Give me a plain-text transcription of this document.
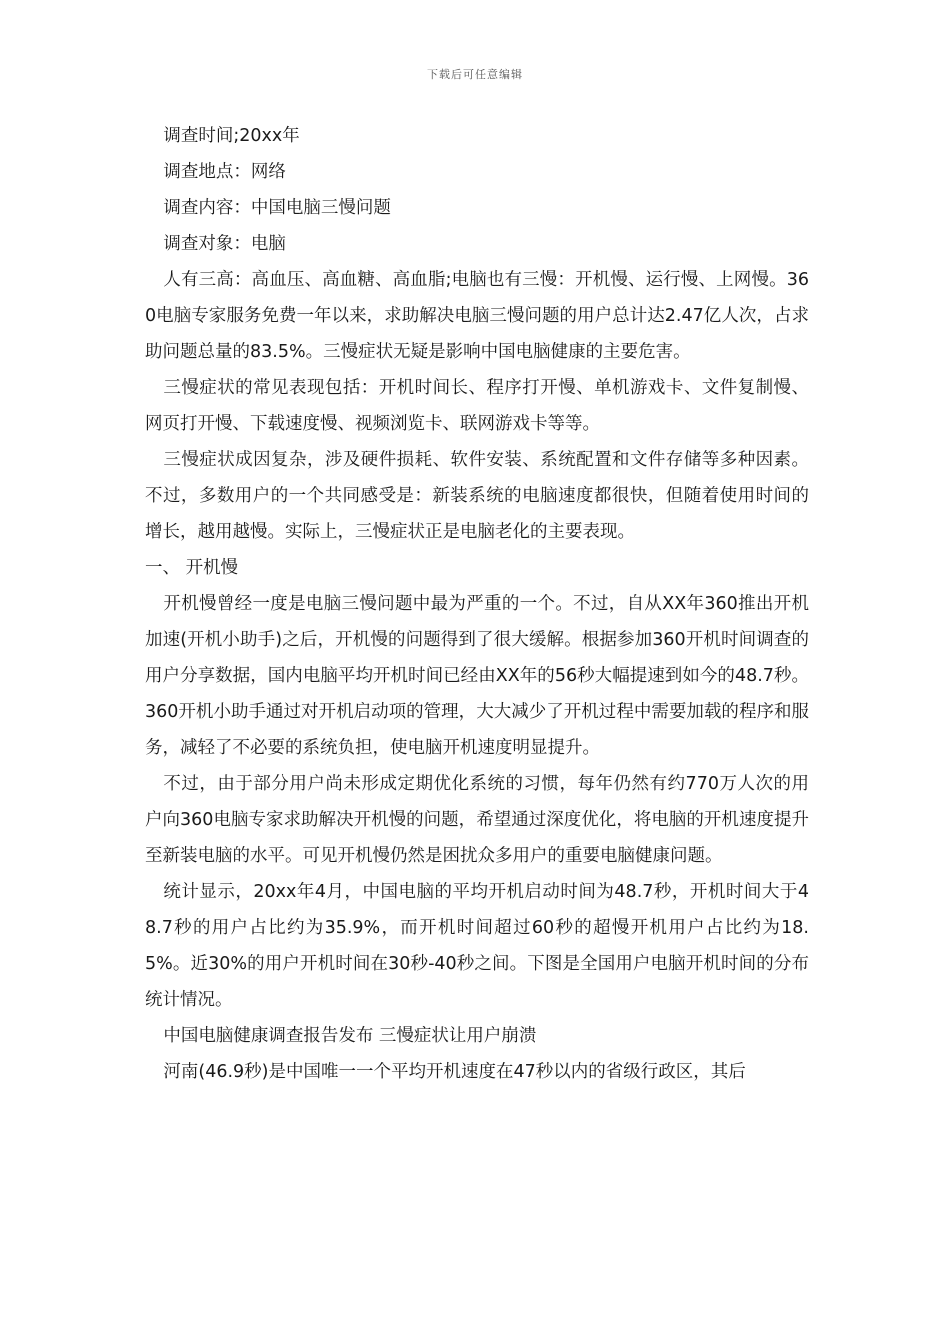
下载后可任意编辑

调查时间;20xx年

调查地点：网络

调查内容：中国电脑三慢问题

调查对象：电脑

人有三高：高血压、高血糖、高血脂;电脑也有三慢：开机慢、运行慢、上网慢。360电脑专家服务免费一年以来，求助解决电脑三慢问题的用户总计达2.47亿人次，占求助问题总量的83.5%。三慢症状无疑是影响中国电脑健康的主要危害。

三慢症状的常见表现包括：开机时间长、程序打开慢、单机游戏卡、文件复制慢、网页打开慢、下载速度慢、视频浏览卡、联网游戏卡等等。

三慢症状成因复杂，涉及硬件损耗、软件安装、系统配置和文件存储等多种因素。不过，多数用户的一个共同感受是：新装系统的电脑速度都很快，但随着使用时间的增长，越用越慢。实际上，三慢症状正是电脑老化的主要表现。

一、 开机慢

开机慢曾经一度是电脑三慢问题中最为严重的一个。不过，自从XX年360推出开机加速(开机小助手)之后，开机慢的问题得到了很大缓解。根据参加360开机时间调查的用户分享数据，国内电脑平均开机时间已经由XX年的56秒大幅提速到如今的48.7秒。360开机小助手通过对开机启动项的管理，大大减少了开机过程中需要加载的程序和服务，减轻了不必要的系统负担，使电脑开机速度明显提升。

不过，由于部分用户尚未形成定期优化系统的习惯，每年仍然有约770万人次的用户向360电脑专家求助解决开机慢的问题，希望通过深度优化，将电脑的开机速度提升至新装电脑的水平。可见开机慢仍然是困扰众多用户的重要电脑健康问题。

统计显示，20xx年4月，中国电脑的平均开机启动时间为48.7秒，开机时间大于48.7秒的用户占比约为35.9%，而开机时间超过60秒的超慢开机用户占比约为18.5%。近30%的用户开机时间在30秒-40秒之间。下图是全国用户电脑开机时间的分布统计情况。

中国电脑健康调查报告发布 三慢症状让用户崩溃

河南(46.9秒)是中国唯一一个平均开机速度在47秒以内的省级行政区，其后
